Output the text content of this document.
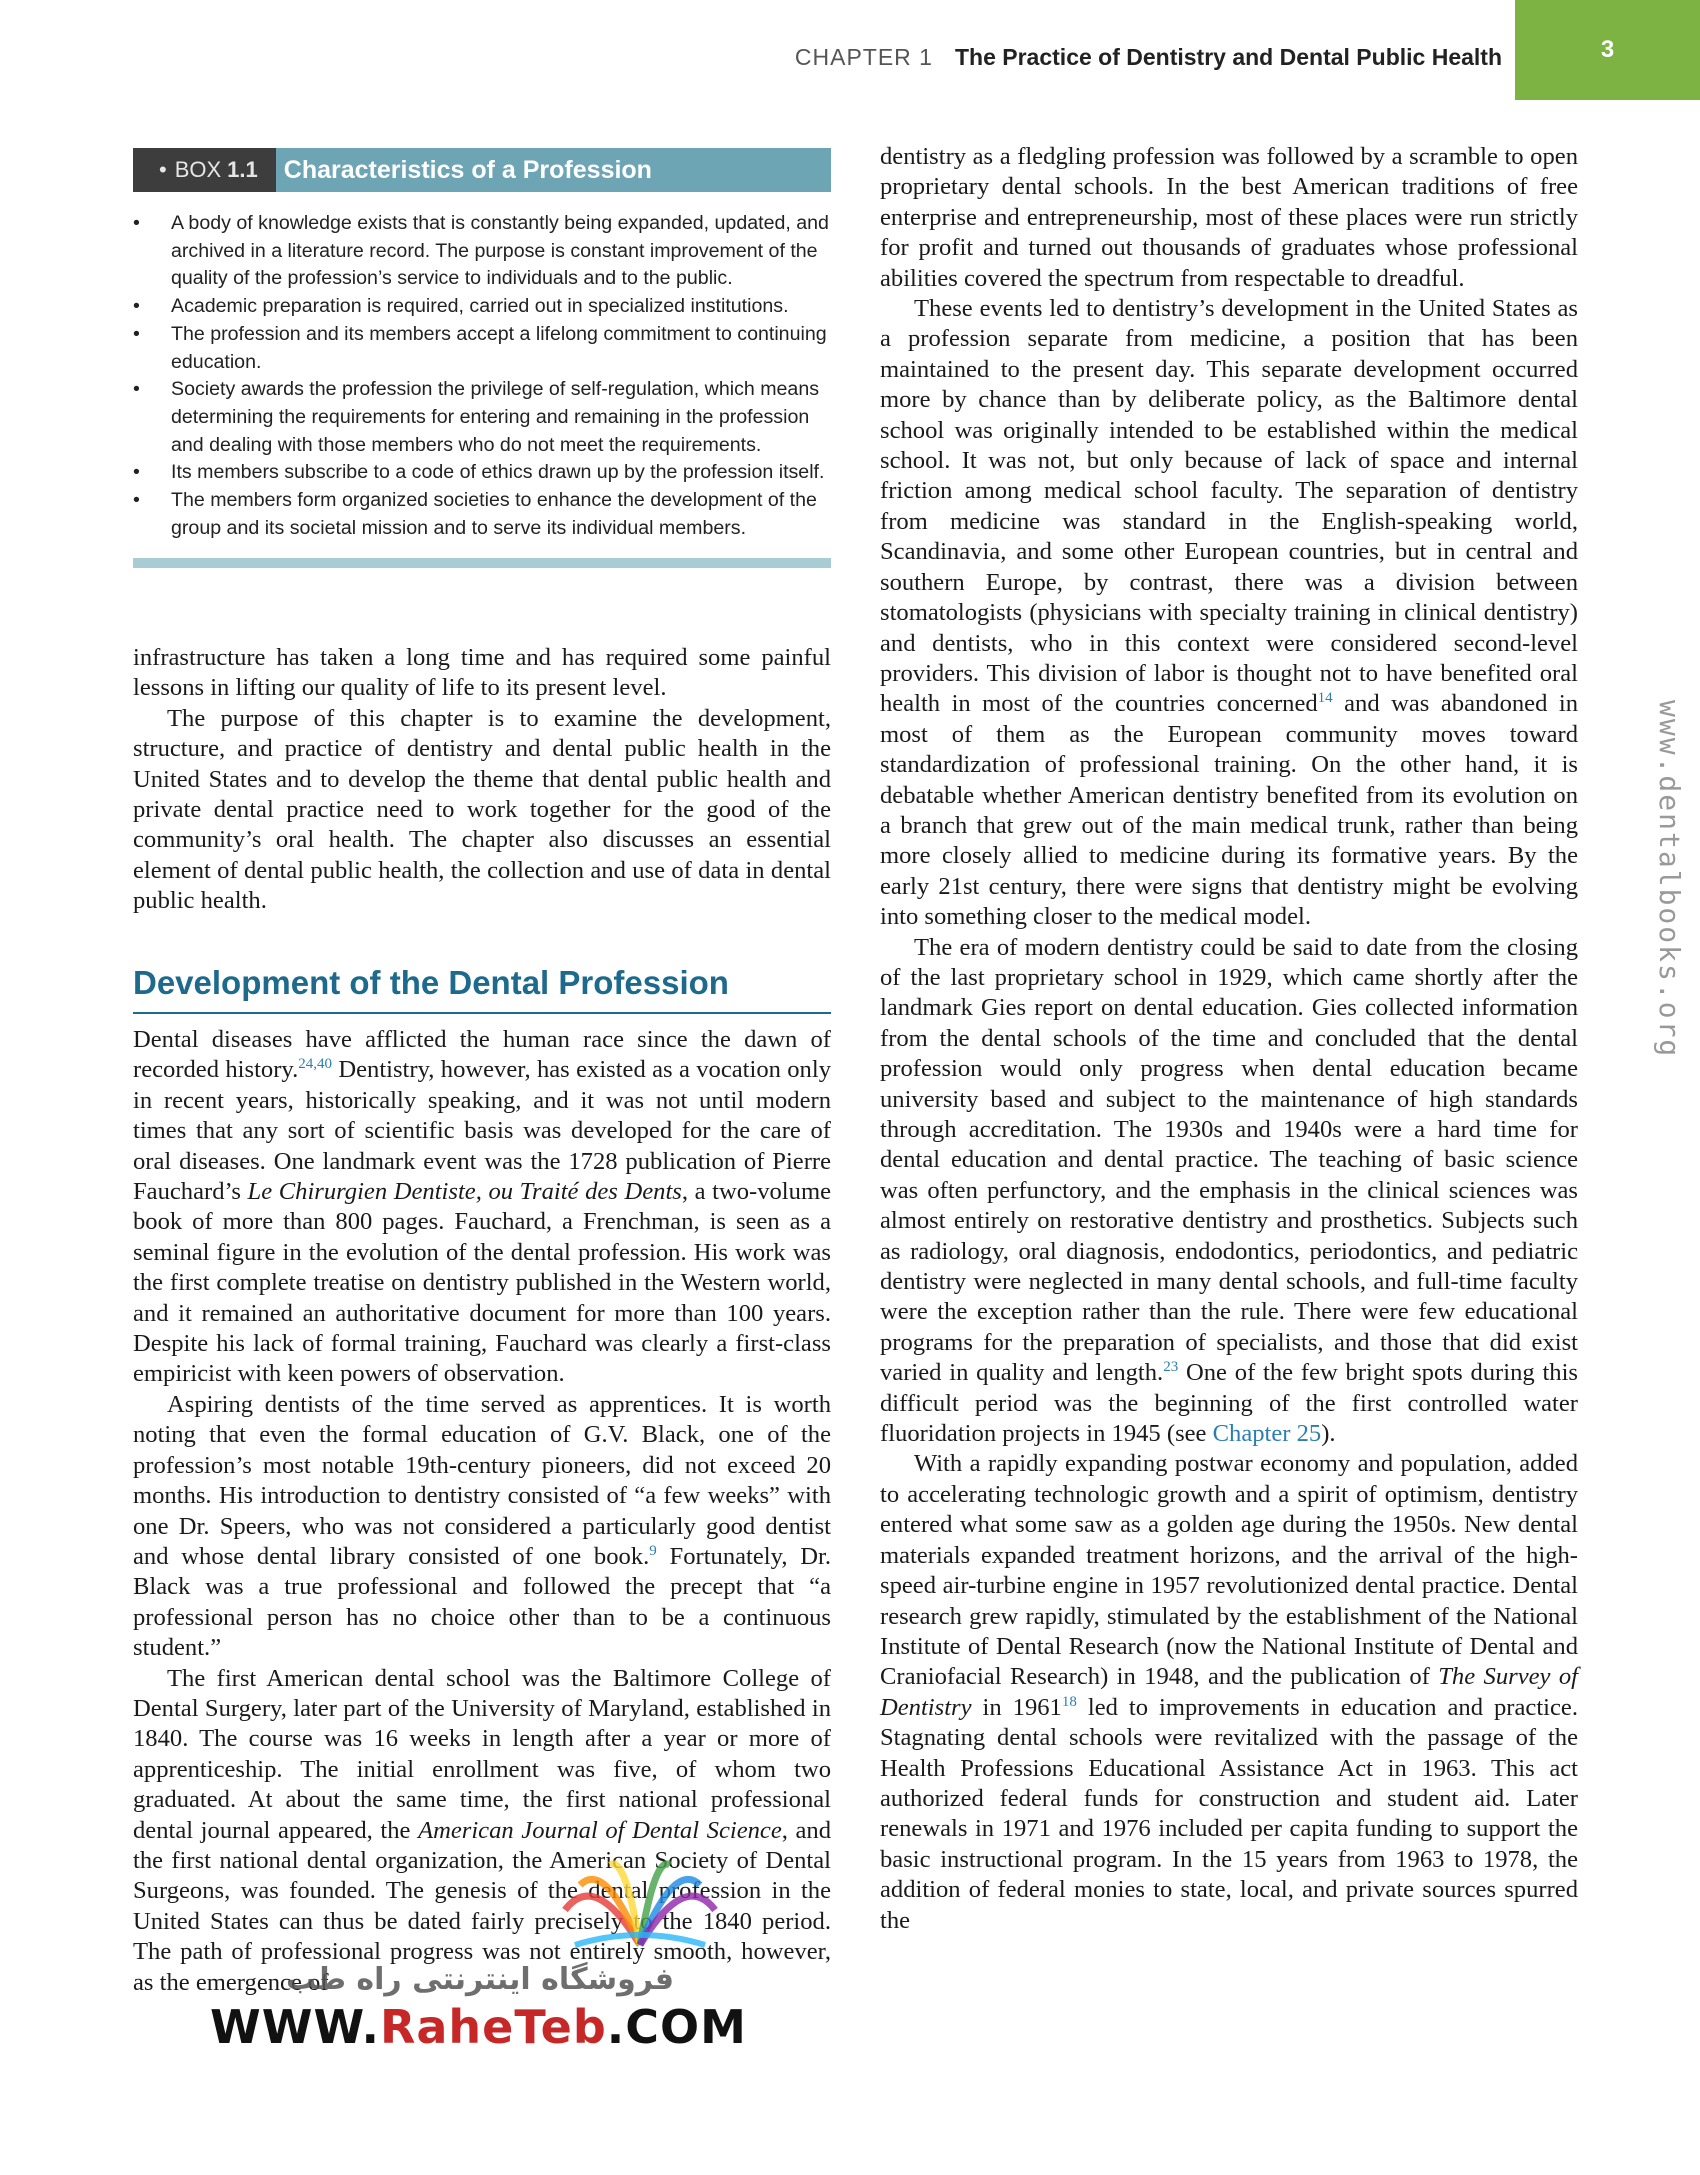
CHAPTER 1 The Practice of Dentistry and Dental Public Health	3
• BOX 1.1	Characteristics of a Profession
• A body of knowledge exists that is constantly being expanded, updated, and archived in a literature record. The purpose is constant improvement of the quality of the profession’s service to individuals and to the public.
• Academic preparation is required, carried out in specialized institutions.
• The profession and its members accept a lifelong commitment to continuing education.
• Society awards the profession the privilege of self-regulation, which means determining the requirements for entering and remaining in the profession and dealing with those members who do not meet the requirements.
• Its members subscribe to a code of ethics drawn up by the profession itself.
• The members form organized societies to enhance the development of the group and its societal mission and to serve its individual members.

infrastructure has taken a long time and has required some painful lessons in lifting our quality of life to its present level.

The purpose of this chapter is to examine the development, structure, and practice of dentistry and dental public health in the United States and to develop the theme that dental public health and private dental practice need to work together for the good of the community’s oral health. The chapter also discusses an essential element of dental public health, the collection and use of data in dental public health.

Development of the Dental Profession

Dental diseases have afflicted the human race since the dawn of recorded history.$^{24,40}$ Dentistry, however, has existed as a vocation only in recent years, historically speaking, and it was not until modern times that any sort of scientific basis was developed for the care of oral diseases. One landmark event was the 1728 publication of Pierre Fauchard’s Le Chirurgien Dentiste, ou Traité des Dents, a two-volume book of more than 800 pages. Fauchard, a Frenchman, is seen as a seminal figure in the evolution of the dental profession. His work was the first complete treatise on dentistry published in the Western world, and it remained an authoritative document for more than 100 years. Despite his lack of formal training, Fauchard was clearly a first-class empiricist with keen powers of observation.

Aspiring dentists of the time served as apprentices. It is worth noting that even the formal education of G.V. Black, one of the profession’s most notable 19th-century pioneers, did not exceed 20 months. His introduction to dentistry consisted of “a few weeks” with one Dr. Speers, who was not considered a particularly good dentist and whose dental library consisted of one book.$^9$ Fortunately, Dr. Black was a true professional and followed the precept that “a professional person has no choice other than to be a continuous student.”

The first American dental school was the Baltimore College of Dental Surgery, later part of the University of Maryland, established in 1840. The course was 16 weeks in length after a year or more of apprenticeship. The initial enrollment was five, of whom two graduated. At about the same time, the first national professional dental journal appeared, the American Journal of Dental Science, and the first national dental organization, the American Society of Dental Surgeons, was founded. The genesis of the dental profession in the United States can thus be dated fairly precisely to the 1840 period. The path of professional progress was not entirely smooth, however, as the emergence of

dentistry as a fledgling profession was followed by a scramble to open proprietary dental schools. In the best American traditions of free enterprise and entrepreneurship, most of these places were run strictly for profit and turned out thousands of graduates whose professional abilities covered the spectrum from respectable to dreadful.

These events led to dentistry’s development in the United States as a profession separate from medicine, a position that has been maintained to the present day. This separate development occurred more by chance than by deliberate policy, as the Baltimore dental school was originally intended to be established within the medical school. It was not, but only because of lack of space and internal friction among medical school faculty. The separation of dentistry from medicine was standard in the English-speaking world, Scandinavia, and some other European countries, but in central and southern Europe, by contrast, there was a division between stomatologists (physicians with specialty training in clinical dentistry) and dentists, who in this context were considered second-level providers. This division of labor is thought not to have benefited oral health in most of the countries concerned$^{14}$ and was abandoned in most of them as the European community moves toward standardization of professional training. On the other hand, it is debatable whether American dentistry benefited from its evolution on a branch that grew out of the main medical trunk, rather than being more closely allied to medicine during its formative years. By the early 21st century, there were signs that dentistry might be evolving into something closer to the medical model.

The era of modern dentistry could be said to date from the closing of the last proprietary school in 1929, which came shortly after the landmark Gies report on dental education. Gies collected information from the dental schools of the time and concluded that the dental profession would only progress when dental education became university based and subject to the maintenance of high standards through accreditation. The 1930s and 1940s were a hard time for dental education and dental practice. The teaching of basic science was often perfunctory, and the emphasis in the clinical sciences was almost entirely on restorative dentistry and prosthetics. Subjects such as radiology, oral diagnosis, endodontics, periodontics, and pediatric dentistry were neglected in many dental schools, and full-time faculty were the exception rather than the rule. There were few educational programs for the preparation of specialists, and those that did exist varied in quality and length.$^{23}$ One of the few bright spots during this difficult period was the beginning of the first controlled water fluoridation projects in 1945 (see Chapter 25).

With a rapidly expanding postwar economy and population, added to accelerating technologic growth and a spirit of optimism, dentistry entered what some saw as a golden age during the 1950s. New dental materials expanded treatment horizons, and the arrival of the high-speed air-turbine engine in 1957 revolutionized dental practice. Dental research grew rapidly, stimulated by the establishment of the National Institute of Dental Research (now the National Institute of Dental and Craniofacial Research) in 1948, and the publication of The Survey of Dentistry in 1961$^{18}$ led to improvements in education and practice. Stagnating dental schools were revitalized with the passage of the Health Professions Educational Assistance Act in 1963. This act authorized federal funds for construction and student aid. Later renewals in 1971 and 1976 included per capita funding to support the basic instructional program. In the 15 years from 1963 to 1978, the addition of federal monies to state, local, and private sources spurred the

www.dentalbooks.org
فروشگاه اینترنتی راه طب
WWW.RaheTeb.COM
